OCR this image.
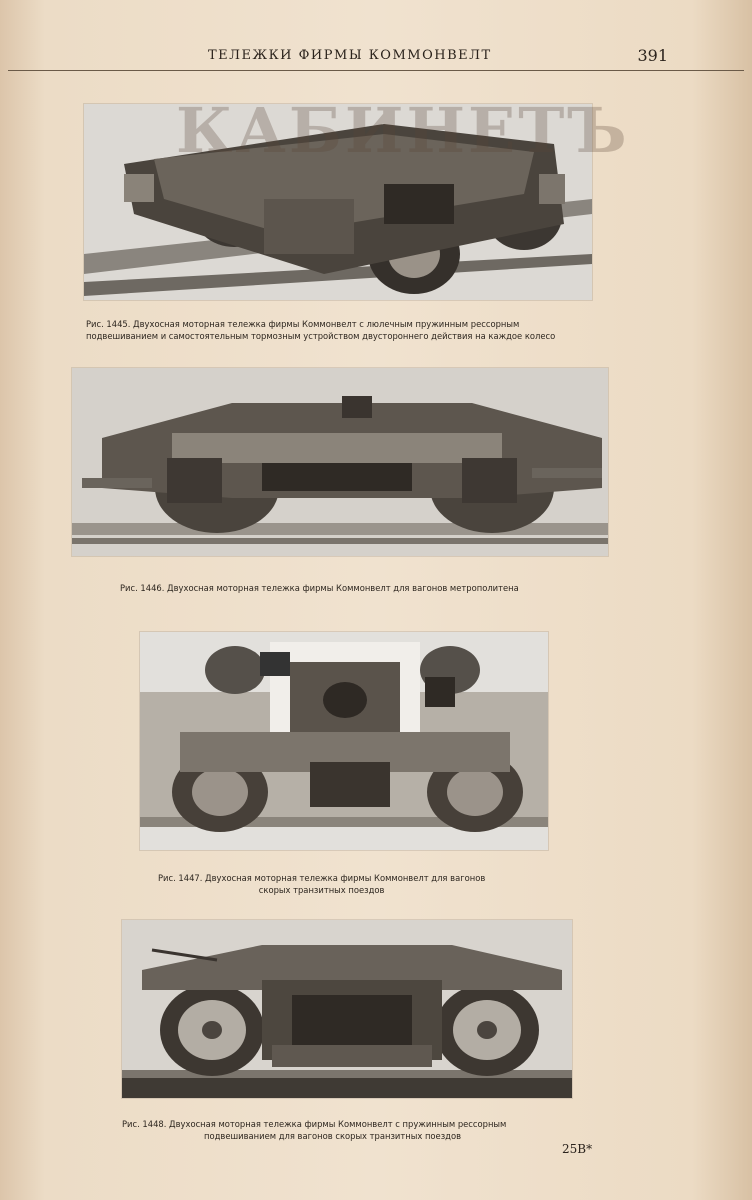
ТЕЛЕЖКИ ФИРМЫ КОММОНВЕЛТ	391
Рис. 1445. Двухосная моторная тележка фирмы Коммонвелт с люлечным пружинным рессорным
подвешиванием и самостоятельным тормозным устройством двустороннего действия на каждое колесо
Рис. 1446. Двухосная моторная тележка фирмы Коммонвелт для вагонов метрополитена
Рис. 1447. Двухосная моторная тележка фирмы Коммонвелт для вагонов
скорых транзитных поездов
Рис. 1448. Двухосная моторная тележка фирмы Коммонвелт с пружинным рессорным
подвешиванием для вагонов скорых транзитных поездов
КАБИНЕТЪ
25В*
